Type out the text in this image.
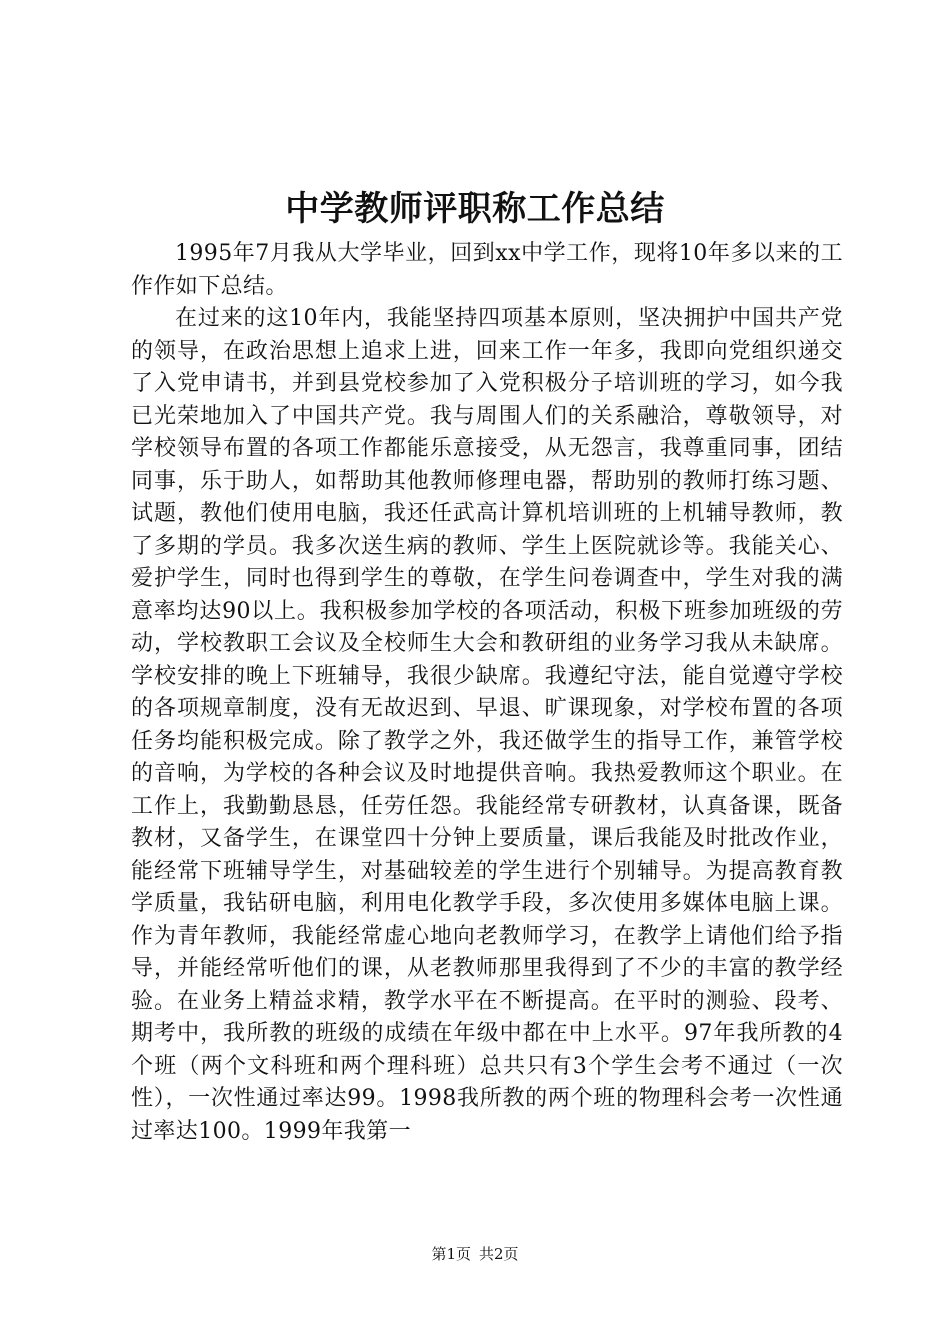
中学教师评职称工作总结

1995年7月我从大学毕业，回到xx中学工作，现将10年多以来的工作作如下总结。

在过来的这10年内，我能坚持四项基本原则，坚决拥护中国共产党的领导，在政治思想上追求上进，回来工作一年多，我即向党组织递交了入党申请书，并到县党校参加了入党积极分子培训班的学习，如今我已光荣地加入了中国共产党。我与周围人们的关系融洽，尊敬领导，对学校领导布置的各项工作都能乐意接受，从无怨言，我尊重同事，团结同事，乐于助人，如帮助其他教师修理电器，帮助别的教师打练习题、试题，教他们使用电脑，我还任武高计算机培训班的上机辅导教师，教了多期的学员。我多次送生病的教师、学生上医院就诊等。我能关心、爱护学生，同时也得到学生的尊敬，在学生问卷调查中，学生对我的满意率均达90以上。我积极参加学校的各项活动，积极下班参加班级的劳动，学校教职工会议及全校师生大会和教研组的业务学习我从未缺席。学校安排的晚上下班辅导，我很少缺席。我遵纪守法，能自觉遵守学校的各项规章制度，没有无故迟到、早退、旷课现象，对学校布置的各项任务均能积极完成。除了教学之外，我还做学生的指导工作，兼管学校的音响，为学校的各种会议及时地提供音响。我热爱教师这个职业。在工作上，我勤勤恳恳，任劳任怨。我能经常专研教材，认真备课，既备教材，又备学生，在课堂四十分钟上要质量，课后我能及时批改作业，能经常下班辅导学生，对基础较差的学生进行个别辅导。为提高教育教学质量，我钻研电脑，利用电化教学手段，多次使用多媒体电脑上课。作为青年教师，我能经常虚心地向老教师学习，在教学上请他们给予指导，并能经常听他们的课，从老教师那里我得到了不少的丰富的教学经验。在业务上精益求精，教学水平在不断提高。在平时的测验、段考、期考中，我所教的班级的成绩在年级中都在中上水平。97年我所教的4个班（两个文科班和两个理科班）总共只有3个学生会考不通过（一次性），一次性通过率达99。1998我所教的两个班的物理科会考一次性通过率达100。1999年我第一

第1页 共2页
